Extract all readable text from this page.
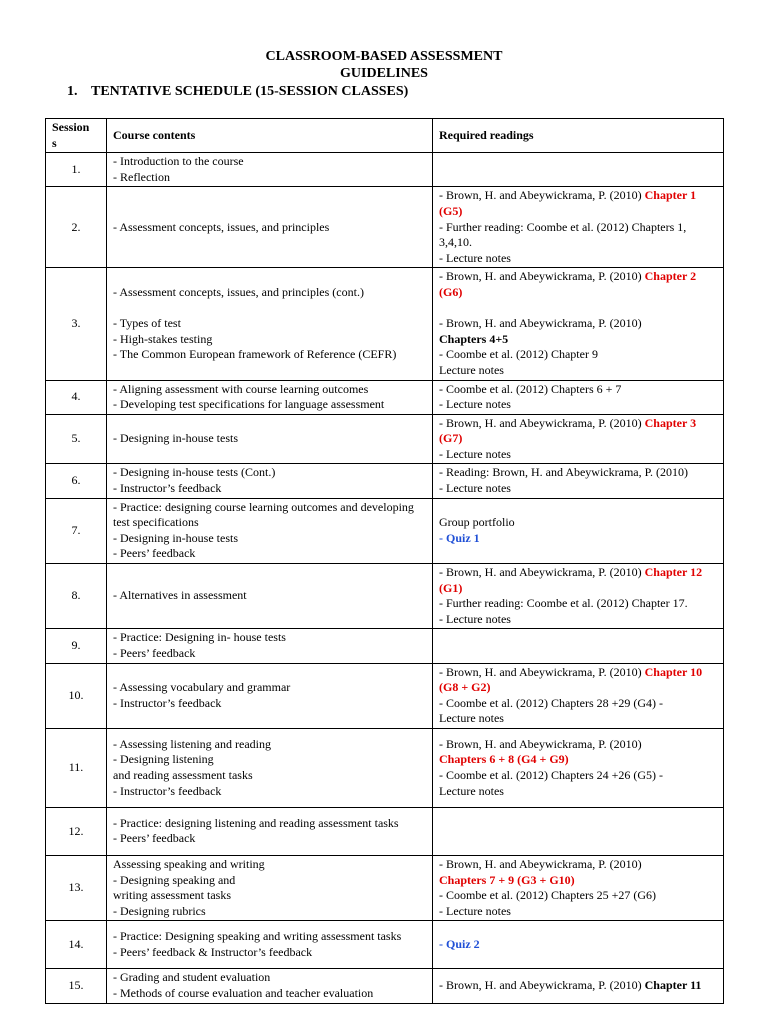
CLASSROOM-BASED ASSESSMENT
GUIDELINES
1. TENTATIVE SCHEDULE (15-SESSION CLASSES)
Session
s	Course contents	Required readings
1.	- Introduction to the course
- Reflection	

2.	- Assessment concepts, issues, and principles	- Brown, H. and Abeywickrama, P. (2010) Chapter 1 (G5)
- Further reading: Coombe et al. (2012) Chapters 1, 3,4,10.
- Lecture notes

3.	- Assessment concepts, issues, and principles (cont.)
- Types of test
- High-stakes testing
- The Common European framework of Reference (CEFR)	- Brown, H. and Abeywickrama, P. (2010) Chapter 2 (G6)
- Brown, H. and Abeywickrama, P. (2010)
Chapters 4+5
- Coombe et al. (2012) Chapter 9
Lecture notes

4.	- Aligning assessment with course learning outcomes
- Developing test specifications for language assessment	- Coombe et al. (2012) Chapters 6 + 7
- Lecture notes

5.	- Designing in-house tests	- Brown, H. and Abeywickrama, P. (2010) Chapter 3 (G7)
- Lecture notes

6.	- Designing in-house tests (Cont.)
- Instructor’s feedback	- Reading: Brown, H. and Abeywickrama, P. (2010)
- Lecture notes

7.	- Practice: designing course learning outcomes and developing test specifications
- Designing in-house tests
- Peers’ feedback	Group portfolio
- Quiz 1

8.	- Alternatives in assessment	- Brown, H. and Abeywickrama, P. (2010) Chapter 12 (G1)
- Further reading: Coombe et al. (2012) Chapter 17.
- Lecture notes

9.	- Practice: Designing in- house tests
- Peers’ feedback	

10.	- Assessing vocabulary and grammar
- Instructor’s feedback	- Brown, H. and Abeywickrama, P. (2010) Chapter 10 (G8 + G2)
- Coombe et al. (2012) Chapters 28 +29 (G4) -
Lecture notes

11.	- Assessing listening and reading
- Designing listening
and reading assessment tasks
- Instructor’s feedback	- Brown, H. and Abeywickrama, P. (2010)
Chapters 6 + 8 (G4 + G9)
- Coombe et al. (2012) Chapters 24 +26 (G5) -
Lecture notes

12.	- Practice: designing listening and reading assessment tasks
- Peers’ feedback	

13.	Assessing speaking and writing
- Designing speaking and
writing assessment tasks
- Designing rubrics	- Brown, H. and Abeywickrama, P. (2010)
Chapters 7 + 9 (G3 + G10)
- Coombe et al. (2012) Chapters 25 +27 (G6)
- Lecture notes

14.	- Practice: Designing speaking and writing assessment tasks
- Peers’ feedback & Instructor’s feedback	- Quiz 2

15.	- Grading and student evaluation
- Methods of course evaluation and teacher evaluation	- Brown, H. and Abeywickrama, P. (2010) Chapter 11
